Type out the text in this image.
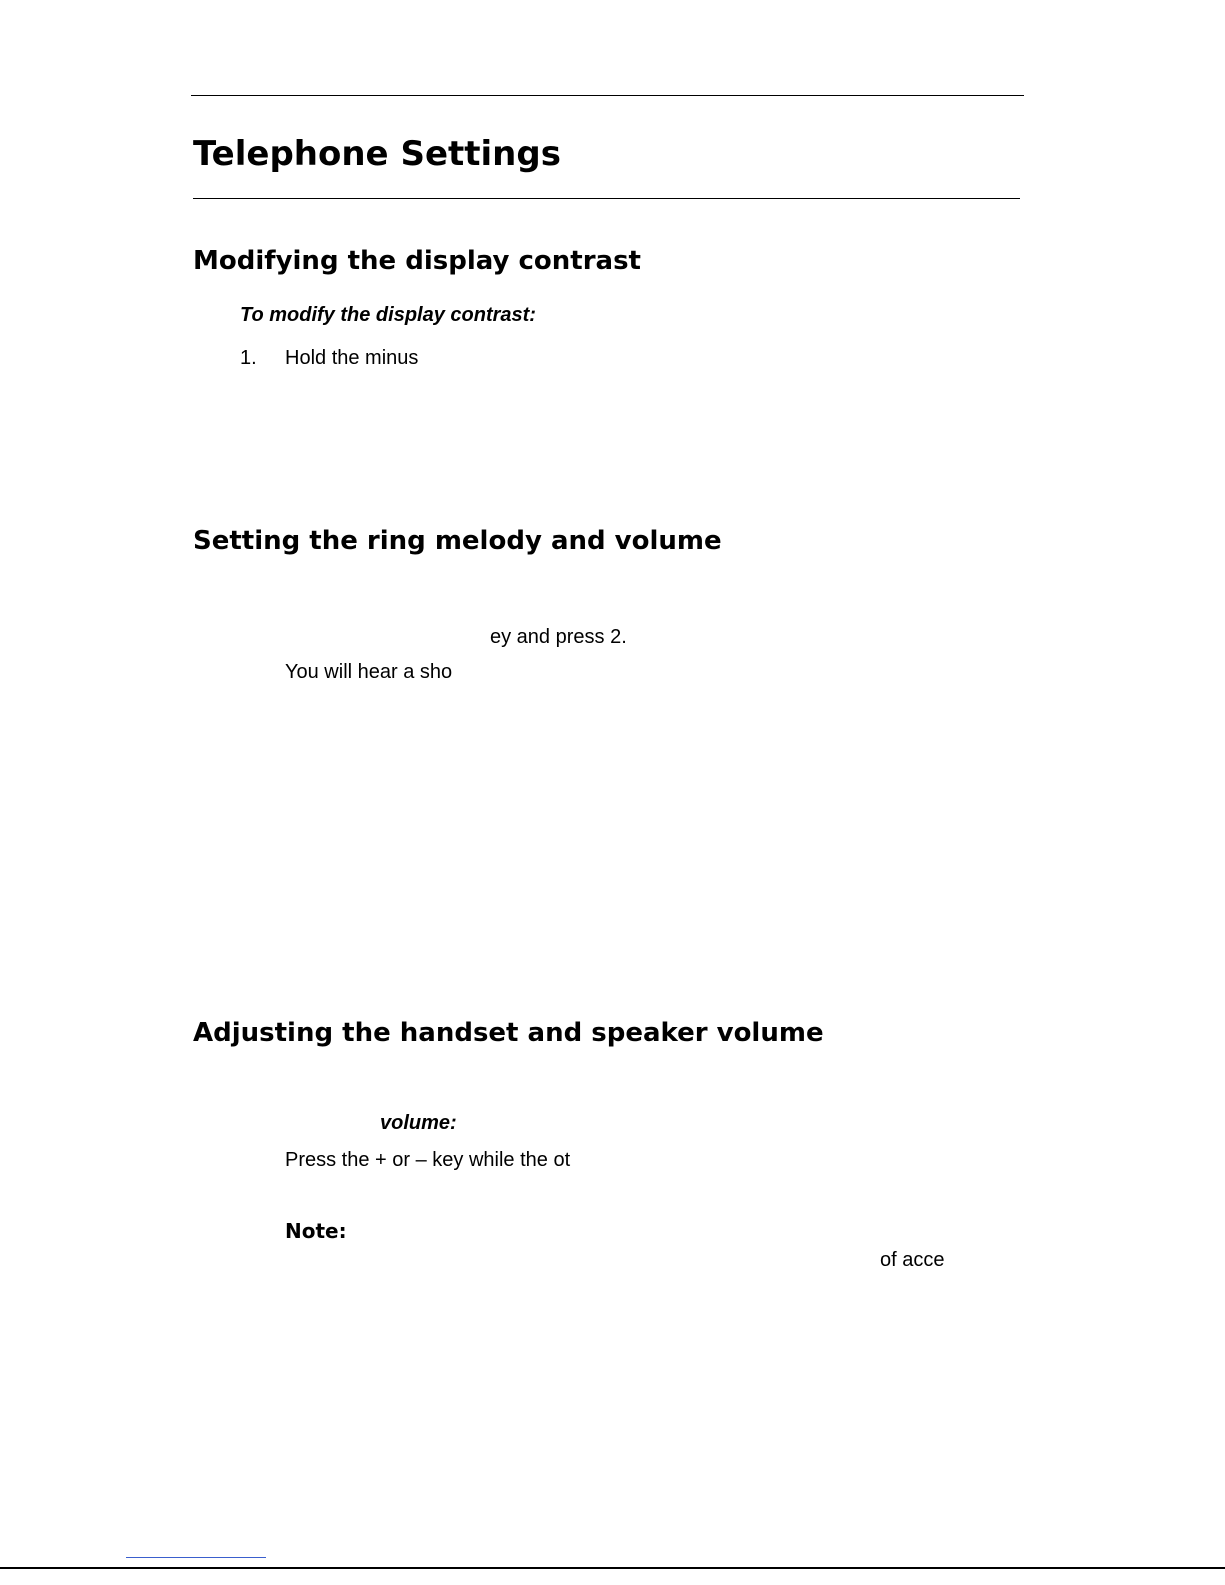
Telephone Settings
Modifying the display contrast

To modify the display contrast:

1. Hold the minus

Setting the ring melody and volume

ey and press 2.

You will hear a sho

Adjusting the handset and speaker volume

volume:

Press the + or – key while the ot

Note:

of acce
